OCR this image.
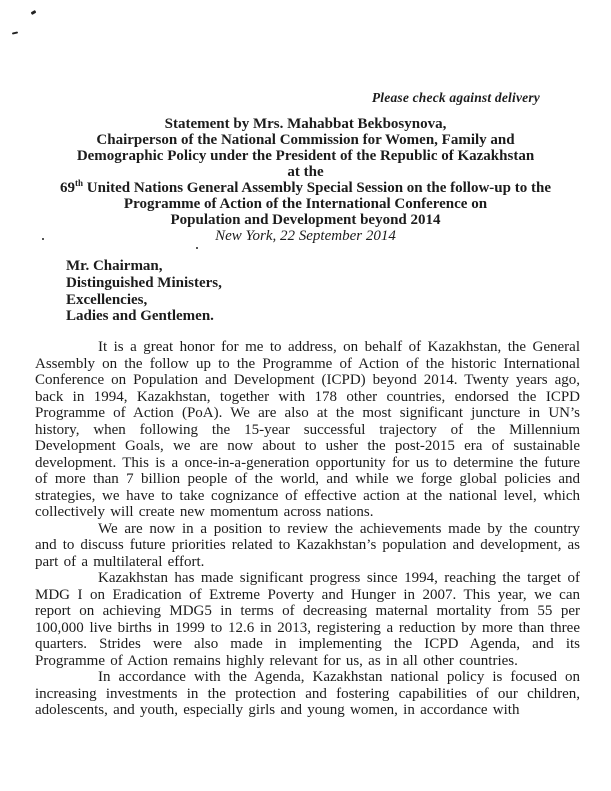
Please check against delivery
Statement by Mrs. Mahabbat Bekbosynova,
Chairperson of the National Commission for Women, Family and
Demographic Policy under the President of the Republic of Kazakhstan
at the
69th United Nations General Assembly Special Session on the follow-up to the
Programme of Action of the International Conference on
Population and Development beyond 2014
New York, 22 September 2014
Mr. Chairman,
Distinguished Ministers,
Excellencies,
Ladies and Gentlemen.

It is a great honor for me to address, on behalf of Kazakhstan, the General Assembly on the follow up to the Programme of Action of the historic International Conference on Population and Development (ICPD) beyond 2014. Twenty years ago, back in 1994, Kazakhstan, together with 178 other countries, endorsed the ICPD Programme of Action (PoA). We are also at the most significant juncture in UN’s history, when following the 15-year successful trajectory of the Millennium Development Goals, we are now about to usher the post-2015 era of sustainable development. This is a once-in-a-generation opportunity for us to determine the future of more than 7 billion people of the world, and while we forge global policies and strategies, we have to take cognizance of effective action at the national level, which collectively will create new momentum across nations.

We are now in a position to review the achievements made by the country and to discuss future priorities related to Kazakhstan’s population and development, as part of a multilateral effort.

Kazakhstan has made significant progress since 1994, reaching the target of MDG I on Eradication of Extreme Poverty and Hunger in 2007. This year, we can report on achieving MDG5 in terms of decreasing maternal mortality from 55 per 100,000 live births in 1999 to 12.6 in 2013, registering a reduction by more than three quarters. Strides were also made in implementing the ICPD Agenda, and its Programme of Action remains highly relevant for us, as in all other countries.

In accordance with the Agenda, Kazakhstan national policy is focused on increasing investments in the protection and fostering capabilities of our children, adolescents, and youth, especially girls and young women, in accordance with
